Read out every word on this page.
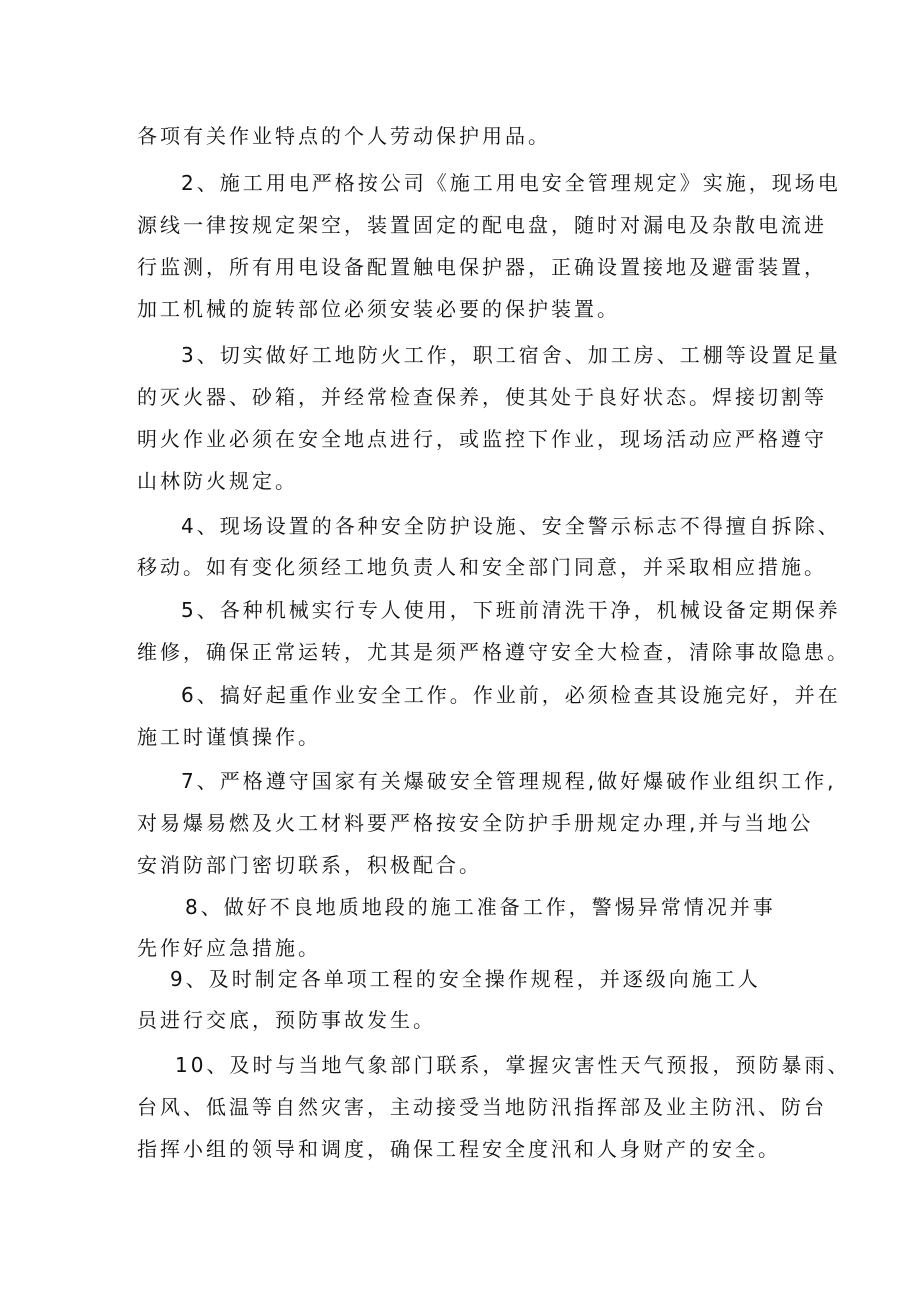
各项有关作业特点的个人劳动保护用品。
2、施工用电严格按公司《施工用电安全管理规定》实施，现场电
源线一律按规定架空，装置固定的配电盘，随时对漏电及杂散电流进
行监测，所有用电设备配置触电保护器，正确设置接地及避雷装置，
加工机械的旋转部位必须安装必要的保护装置。
3、切实做好工地防火工作，职工宿舍、加工房、工棚等设置足量
的灭火器、砂箱，并经常检查保养，使其处于良好状态。焊接切割等
明火作业必须在安全地点进行，或监控下作业，现场活动应严格遵守
山林防火规定。
4、现场设置的各种安全防护设施、安全警示标志不得擅自拆除、
移动。如有变化须经工地负责人和安全部门同意，并采取相应措施。
5、各种机械实行专人使用，下班前清洗干净，机械设备定期保养
维修，确保正常运转，尤其是须严格遵守安全大检查，清除事故隐患。
6、搞好起重作业安全工作。作业前，必须检查其设施完好，并在
施工时谨慎操作。
7、严格遵守国家有关爆破安全管理规程,做好爆破作业组织工作,
对易爆易燃及火工材料要严格按安全防护手册规定办理,并与当地公
安消防部门密切联系，积极配合。
8、做好不良地质地段的施工准备工作，警惕异常情况并事
先作好应急措施。
9、及时制定各单项工程的安全操作规程，并逐级向施工人
员进行交底，预防事故发生。
10、及时与当地气象部门联系，掌握灾害性天气预报，预防暴雨、
台风、低温等自然灾害，主动接受当地防汛指挥部及业主防汛、防台
指挥小组的领导和调度，确保工程安全度汛和人身财产的安全。
